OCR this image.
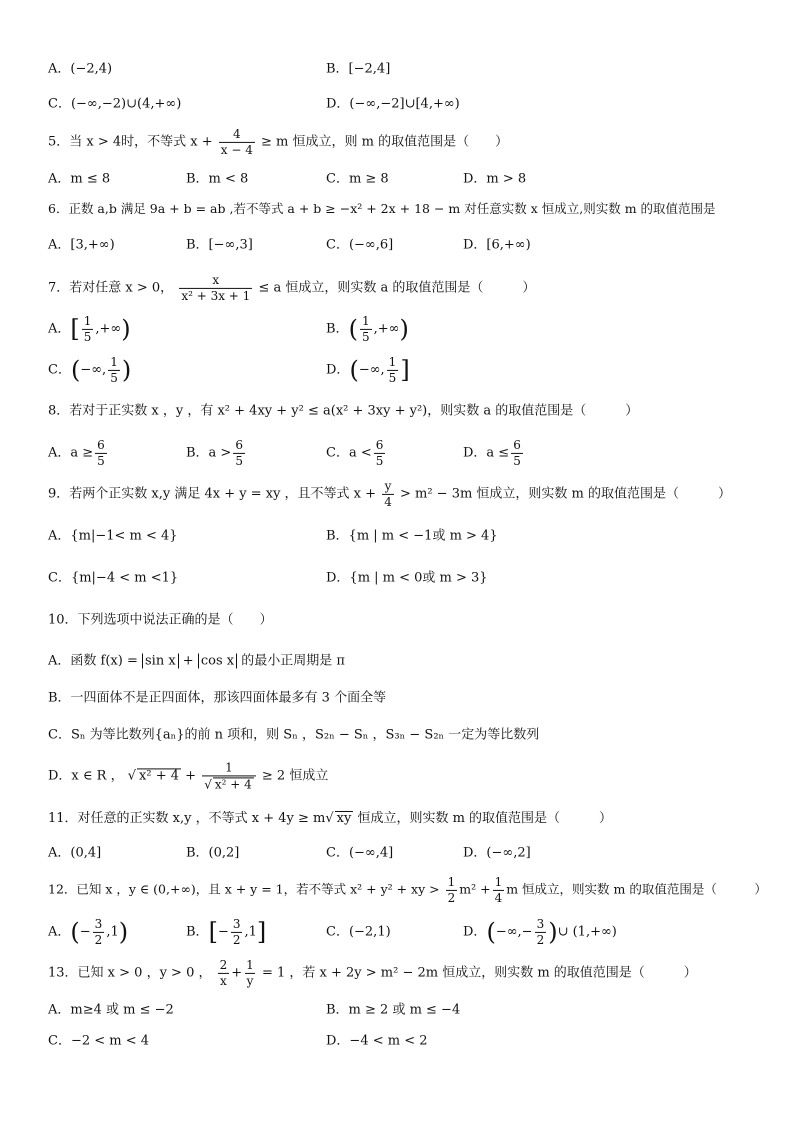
A．(−2,4)	B．[−2,4]
C．(−∞,−2)∪(4,+∞)	D．(−∞,−2]∪[4,+∞)
5．当 x > 4时，不等式 $x + \frac{4}{x - 4} \ge m$ 恒成立，则 m 的取值范围是（　　）
A．m ≤ 8	B．m < 8	C．m ≥ 8	D．m > 8
6．正数 a,b 满足 9a + b = ab ,若不等式 a + b ≥ −x² + 2x + 18 − m 对任意实数 x 恒成立,则实数 m 的取值范围是
A．[3,+∞)	B．[−∞,3]	C．(−∞,6]	D．[6,+∞)
7．若对任意 x > 0， $\frac{x}{\text{x² + 3x + 1}} \le a$ 恒成立，则实数 a 的取值范围是（　　　）
A．[ $\frac{1}{5}$ ,+∞)	B．( $\frac{1}{5}$ ,+∞)
C．(−∞, $\frac{1}{5}$ )	D．(−∞, $\frac{1}{5}$ ]
8．若对于正实数 x ，y ，有 x² + 4xy + y² ≤ a(x² + 3xy + y²)，则实数 a 的取值范围是（　　　）
A．$a \ge \frac{6}{5}$	B．$a > \frac{6}{5}$	C．$a < \frac{6}{5}$	D．$a \le \frac{6}{5}$
9．若两个正实数 x,y 满足 4x + y = xy ，且不等式 $x + \frac{y}{4} > m^2 - 3m$ 恒成立，则实数 m 的取值范围是（　　　）
A．{m|−1< m < 4}	B．{m | m < −1或 m > 4}
C．{m|−4 < m <1}	D．{m | m < 0或 m > 3}
10．下列选项中说法正确的是（　　）
A．函数 f(x) = sin x + cos x 的最小正周期是 π
B．一四面体不是正四面体，那该四面体最多有 3 个面全等
C．Sₙ 为等比数列{aₙ}的前 n 项和，则 Sₙ ，S₂ₙ − Sₙ ，S₃ₙ − S₂ₙ 一定为等比数列
D．x ∈ R ， √ $x^2 + 4 + \frac{1}{\text{√ x² + 4}} \ge 2$ 恒成立
11．对任意的正实数 x,y ，不等式 x + 4y ≥ m√ xy 恒成立，则实数 m 的取值范围是（　　　）
A．(0,4]	B．(0,2]	C．(−∞,4]	D．(−∞,2]
12．已知 x ，y ∈ (0,+∞)，且 x + y = 1，若不等式 x² + y² + xy > $\frac{1}{2} m^2 + \frac{1}{4}$ m 恒成立，则实数 m 的取值范围是（　　　）
A．(− $\frac{3}{2} ,1$)	B．[− $\frac{3}{2} ,1$]	C．(−2,1)	D．(−∞,− $\frac{3}{2}$ )∪ (1,+∞)
13．已知 x > 0 ，y > 0 ， $\frac{2}{x} + \frac{1}{y} = 1$ ，若 x + 2y > m² − 2m 恒成立，则实数 m 的取值范围是（　　　）
A．m≥4 或 m ≤ −2	B．m ≥ 2 或 m ≤ −4
C．−2 < m < 4	D．−4 < m < 2
